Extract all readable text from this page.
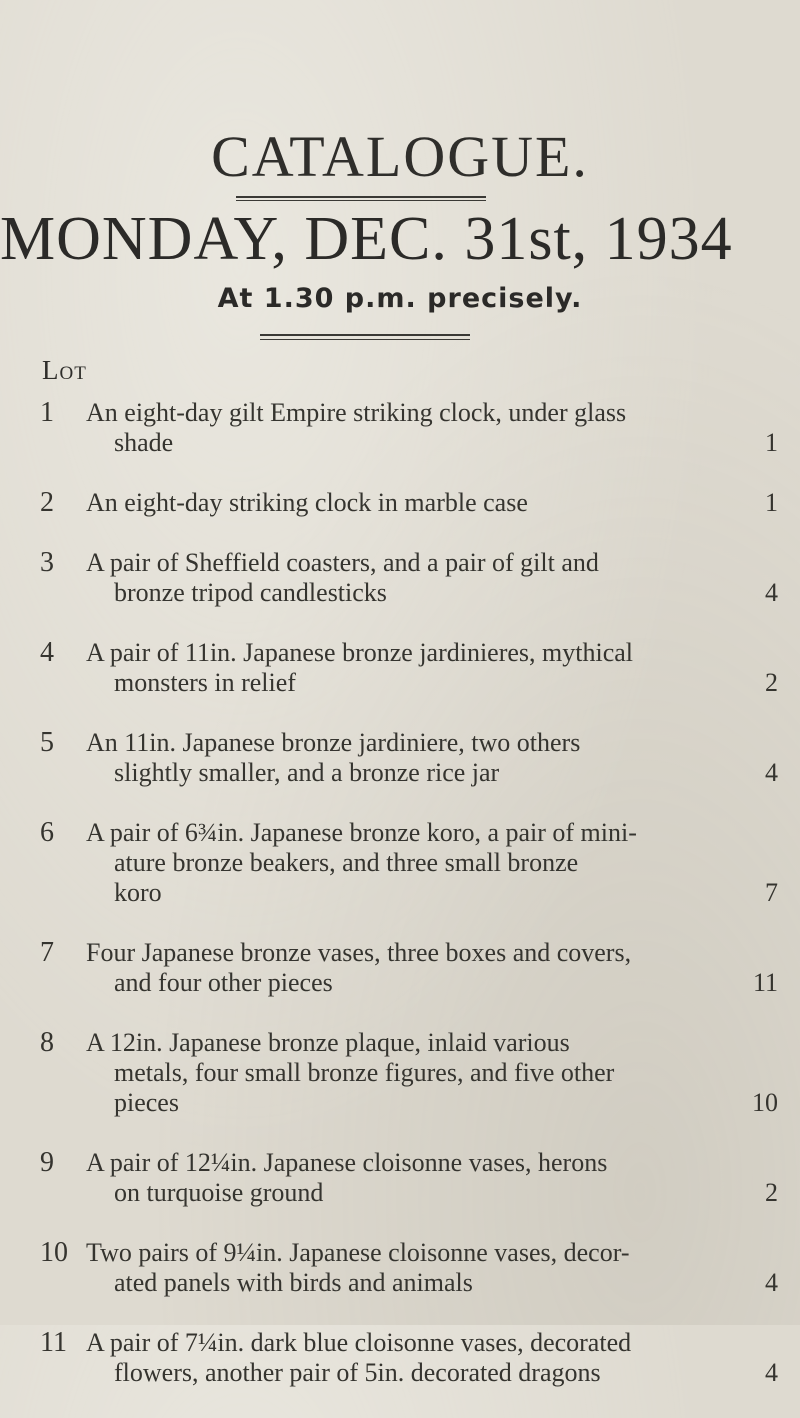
CATALOGUE.
MONDAY, DEC. 31st, 1934
At 1.30 p.m. precisely.
Lot
1	An eight-day gilt Empire striking clock, under glass
shade	1
2	An eight-day striking clock in marble case	1
3	A pair of Sheffield coasters, and a pair of gilt and
bronze tripod candlesticks	4
4	A pair of 11in. Japanese bronze jardinieres, mythical
monsters in relief	2
5	An 11in. Japanese bronze jardiniere, two others
slightly smaller, and a bronze rice jar	4
6	A pair of 6¾in. Japanese bronze koro, a pair of mini-
ature bronze beakers, and three small bronze
koro	7
7	Four Japanese bronze vases, three boxes and covers,
and four other pieces	11
8	A 12in. Japanese bronze plaque, inlaid various
metals, four small bronze figures, and five other
pieces	10
9	A pair of 12¼in. Japanese cloisonne vases, herons
on turquoise ground	2
10 Two pairs of 9¼in. Japanese cloisonne vases, decor-
ated panels with birds and animals	4
11 A pair of 7¼in. dark blue cloisonne vases, decorated
flowers, another pair of 5in. decorated dragons	4
